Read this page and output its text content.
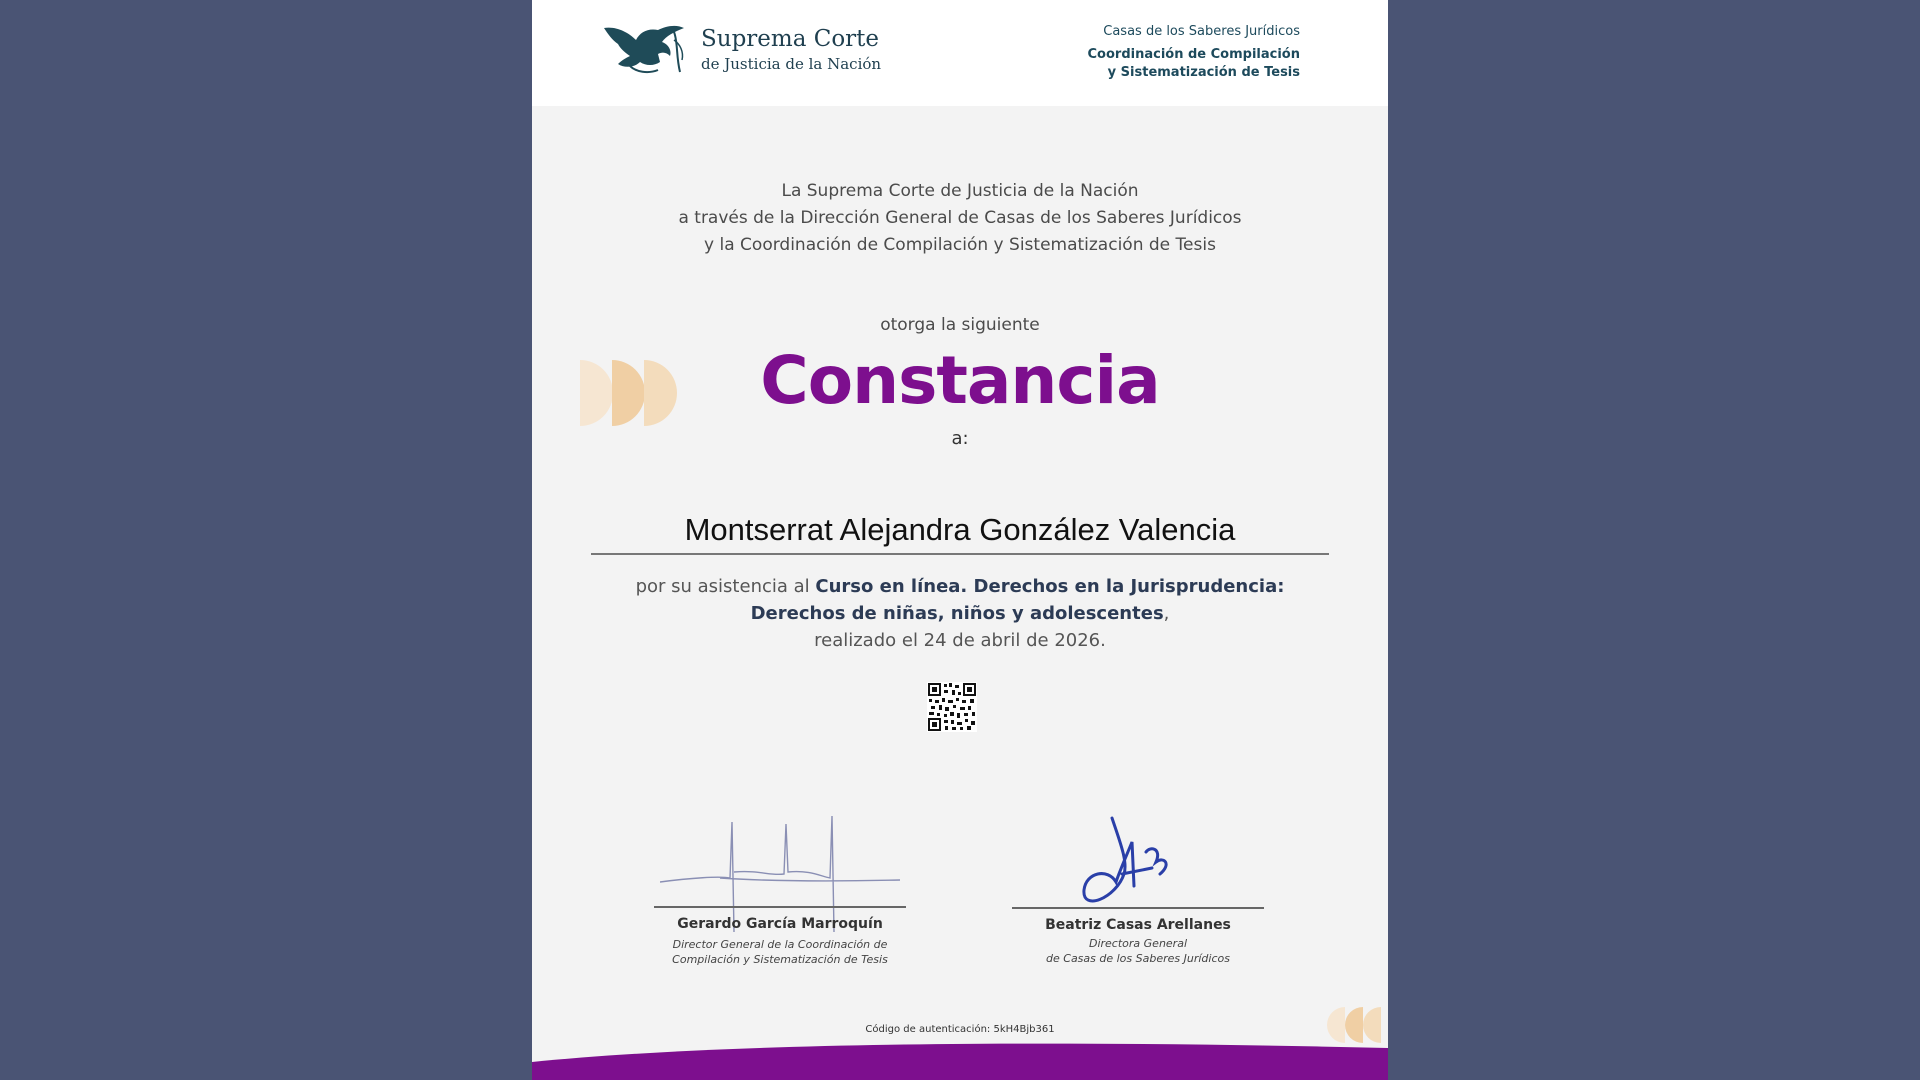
Suprema Corte
de Justicia de la Nación
Casas de los Saberes Jurídicos
Coordinación de Compilación
y Sistematización de Tesis
La Suprema Corte de Justicia de la Nación
a través de la Dirección General de Casas de los Saberes Jurídicos
y la Coordinación de Compilación y Sistematización de Tesis
otorga la siguiente
Constancia
a:
Montserrat Alejandra González Valencia
por su asistencia al Curso en línea. Derechos en la Jurisprudencia:
Derechos de niñas, niños y adolescentes,
realizado el 24 de abril de 2026.
Gerardo García Marroquín
Director General de la Coordinación de
Compilación y Sistematización de Tesis
Beatriz Casas Arellanes
Directora General
de Casas de los Saberes Jurídicos
Código de autenticación: 5kH4Bjb361
